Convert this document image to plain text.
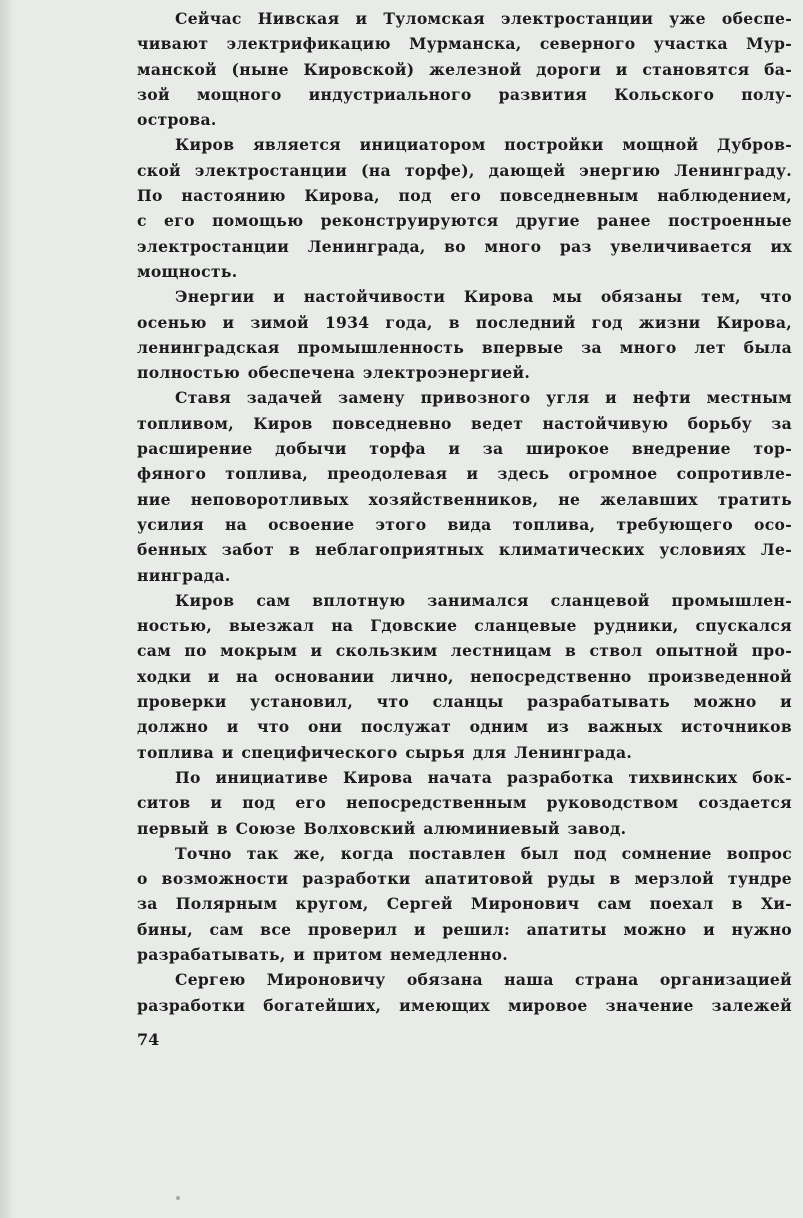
Сейчас Нивская и Туломская электростанции уже обеспе-
чивают электрификацию Мурманска, северного участка Мур-
манской (ныне Кировской) железной дороги и становятся ба-
зой мощного индустриального развития Кольского полу-
острова.
Киров является инициатором постройки мощной Дубров-
ской электростанции (на торфе), дающей энергию Ленинграду.
По настоянию Кирова, под его повседневным наблюдением,
с его помощью реконструируются другие ранее построенные
электростанции Ленинграда, во много раз увеличивается их
мощность.
Энергии и настойчивости Кирова мы обязаны тем, что
осенью и зимой 1934 года, в последний год жизни Кирова,
ленинградская промышленность впервые за много лет была
полностью обеспечена электроэнергией.
Ставя задачей замену привозного угля и нефти местным
топливом, Киров повседневно ведет настойчивую борьбу за
расширение добычи торфа и за широкое внедрение тор-
фяного топлива, преодолевая и здесь огромное сопротивле-
ние неповоротливых хозяйственников, не желавших тратить
усилия на освоение этого вида топлива, требующего осо-
бенных забот в неблагоприятных климатических условиях Ле-
нинграда.
Киров сам вплотную занимался сланцевой промышлен-
ностью, выезжал на Гдовские сланцевые рудники, спускался
сам по мокрым и скользким лестницам в ствол опытной про-
ходки и на основании лично, непосредственно произведенной
проверки установил, что сланцы разрабатывать можно и
должно и что они послужат одним из важных источников
топлива и специфического сырья для Ленинграда.
По инициативе Кирова начата разработка тихвинских бок-
ситов и под его непосредственным руководством создается
первый в Союзе Волховский алюминиевый завод.
Точно так же, когда поставлен был под сомнение вопрос
о возможности разработки апатитовой руды в мерзлой тундре
за Полярным кругом, Сергей Миронович сам поехал в Хи-
бины, сам все проверил и решил: апатиты можно и нужно
разрабатывать, и притом немедленно.
Сергею Мироновичу обязана наша страна организацией
разработки богатейших, имеющих мировое значение залежей
74
